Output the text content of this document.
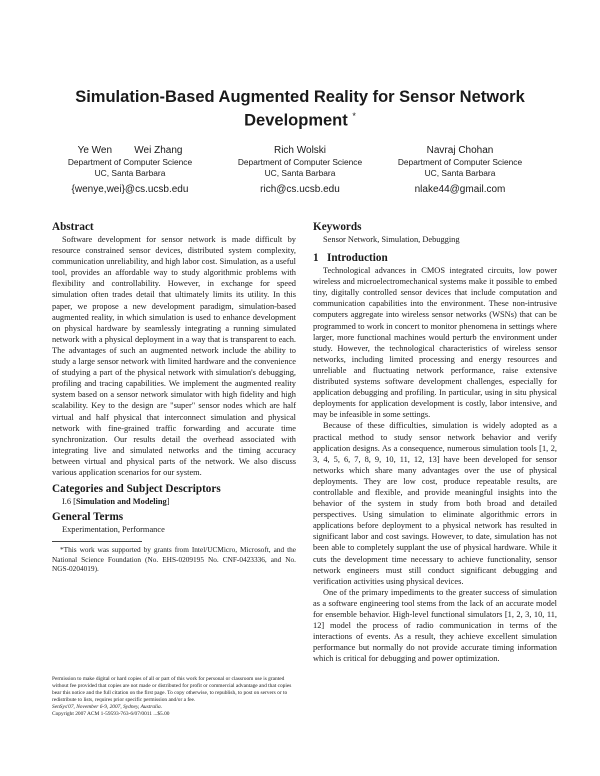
Simulation-Based Augmented Reality for Sensor Network Development *
Ye Wen        Wei Zhang
Department of Computer Science
UC, Santa Barbara
{wenye,wei}@cs.ucsb.edu
Rich Wolski
Department of Computer Science
UC, Santa Barbara
rich@cs.ucsb.edu
Navraj Chohan
Department of Computer Science
UC, Santa Barbara
nlake44@gmail.com
Abstract

Software development for sensor network is made difficult by resource constrained sensor devices, distributed system complexity, communication unreliability, and high labor cost. Simulation, as a useful tool, provides an affordable way to study algorithmic problems with flexibility and controllability. However, in exchange for speed simulation often trades detail that ultimately limits its utility. In this paper, we propose a new development paradigm, simulation-based augmented reality, in which simulation is used to enhance development on physical hardware by seamlessly integrating a running simulated network with a physical deployment in a way that is transparent to each. The advantages of such an augmented network include the ability to study a large sensor network with limited hardware and the convenience of studying a part of the physical network with simulation's debugging, profiling and tracing capabilities. We implement the augmented reality system based on a sensor network simulator with high fidelity and high scalability. Key to the design are "super" sensor nodes which are half virtual and half physical that interconnect simulation and physical network with fine-grained traffic forwarding and accurate time synchronization. Our results detail the overhead associated with integrating live and simulated networks and the timing accuracy between virtual and physical parts of the network. We also discuss various application scenarios for our system.

Categories and Subject Descriptors

I.6 [Simulation and Modeling]

General Terms

Experimentation, Performance

*This work was supported by grants from Intel/UCMicro, Microsoft, and the National Science Foundation (No. EHS-0209195 No. CNF-0423336, and No. NGS-0204019).

Permission to make digital or hard copies of all or part of this work for personal or classroom use is granted without fee provided that copies are not made or distributed for profit or commercial advantage and that copies bear this notice and the full citation on the first page. To copy otherwise, to republish, to post on servers or to redistribute to lists, requires prior specific permission and/or a fee.
SenSys'07, November 6-9, 2007, Sydney, Australia.
Copyright 2007 ACM 1-59593-763-6/07/0011 ...$5.00
Keywords

Sensor Network, Simulation, Debugging

1   Introduction

Technological advances in CMOS integrated circuits, low power wireless and microelectromechanical systems make it possible to embed tiny, digitally controlled sensor devices that include computation and communication capabilities into the environment. These non-intrusive computers aggregate into wireless sensor networks (WSNs) that can be programmed to work in concert to monitor phenomena in settings where larger, more functional machines would perturb the environment under study. However, the technological characteristics of wireless sensor networks, including limited processing and energy resources and unreliable and fluctuating network performance, raise extensive distributed systems software development challenges, especially for application debugging and profiling. In particular, using in situ physical deployments for application development is costly, labor intensive, and may be infeasible in some settings.

Because of these difficulties, simulation is widely adopted as a practical method to study sensor network behavior and verify application designs. As a consequence, numerous simulation tools [1, 2, 3, 4, 5, 6, 7, 8, 9, 10, 11, 12, 13] have been developed for sensor networks which share many advantages over the use of physical deployments. They are low cost, produce repeatable results, are controllable and flexible, and provide meaningful insights into the behavior of the system in study from both broad and detailed perspectives. Using simulation to eliminate algorithmic errors in applications before deployment to a physical network has resulted in significant labor and cost savings. However, to date, simulation has not been able to completely supplant the use of physical hardware. While it cuts the development time necessary to achieve functionality, sensor network engineers must still conduct significant debugging and verification activities using physical devices.

One of the primary impediments to the greater success of simulation as a software engineering tool stems from the lack of an accurate model for ensemble behavior. High-level functional simulators [1, 2, 3, 10, 11, 12] model the process of radio communication in terms of the interactions of events. As a result, they achieve excellent simulation performance but normally do not provide accurate timing information which is critical for debugging and power optimization.
